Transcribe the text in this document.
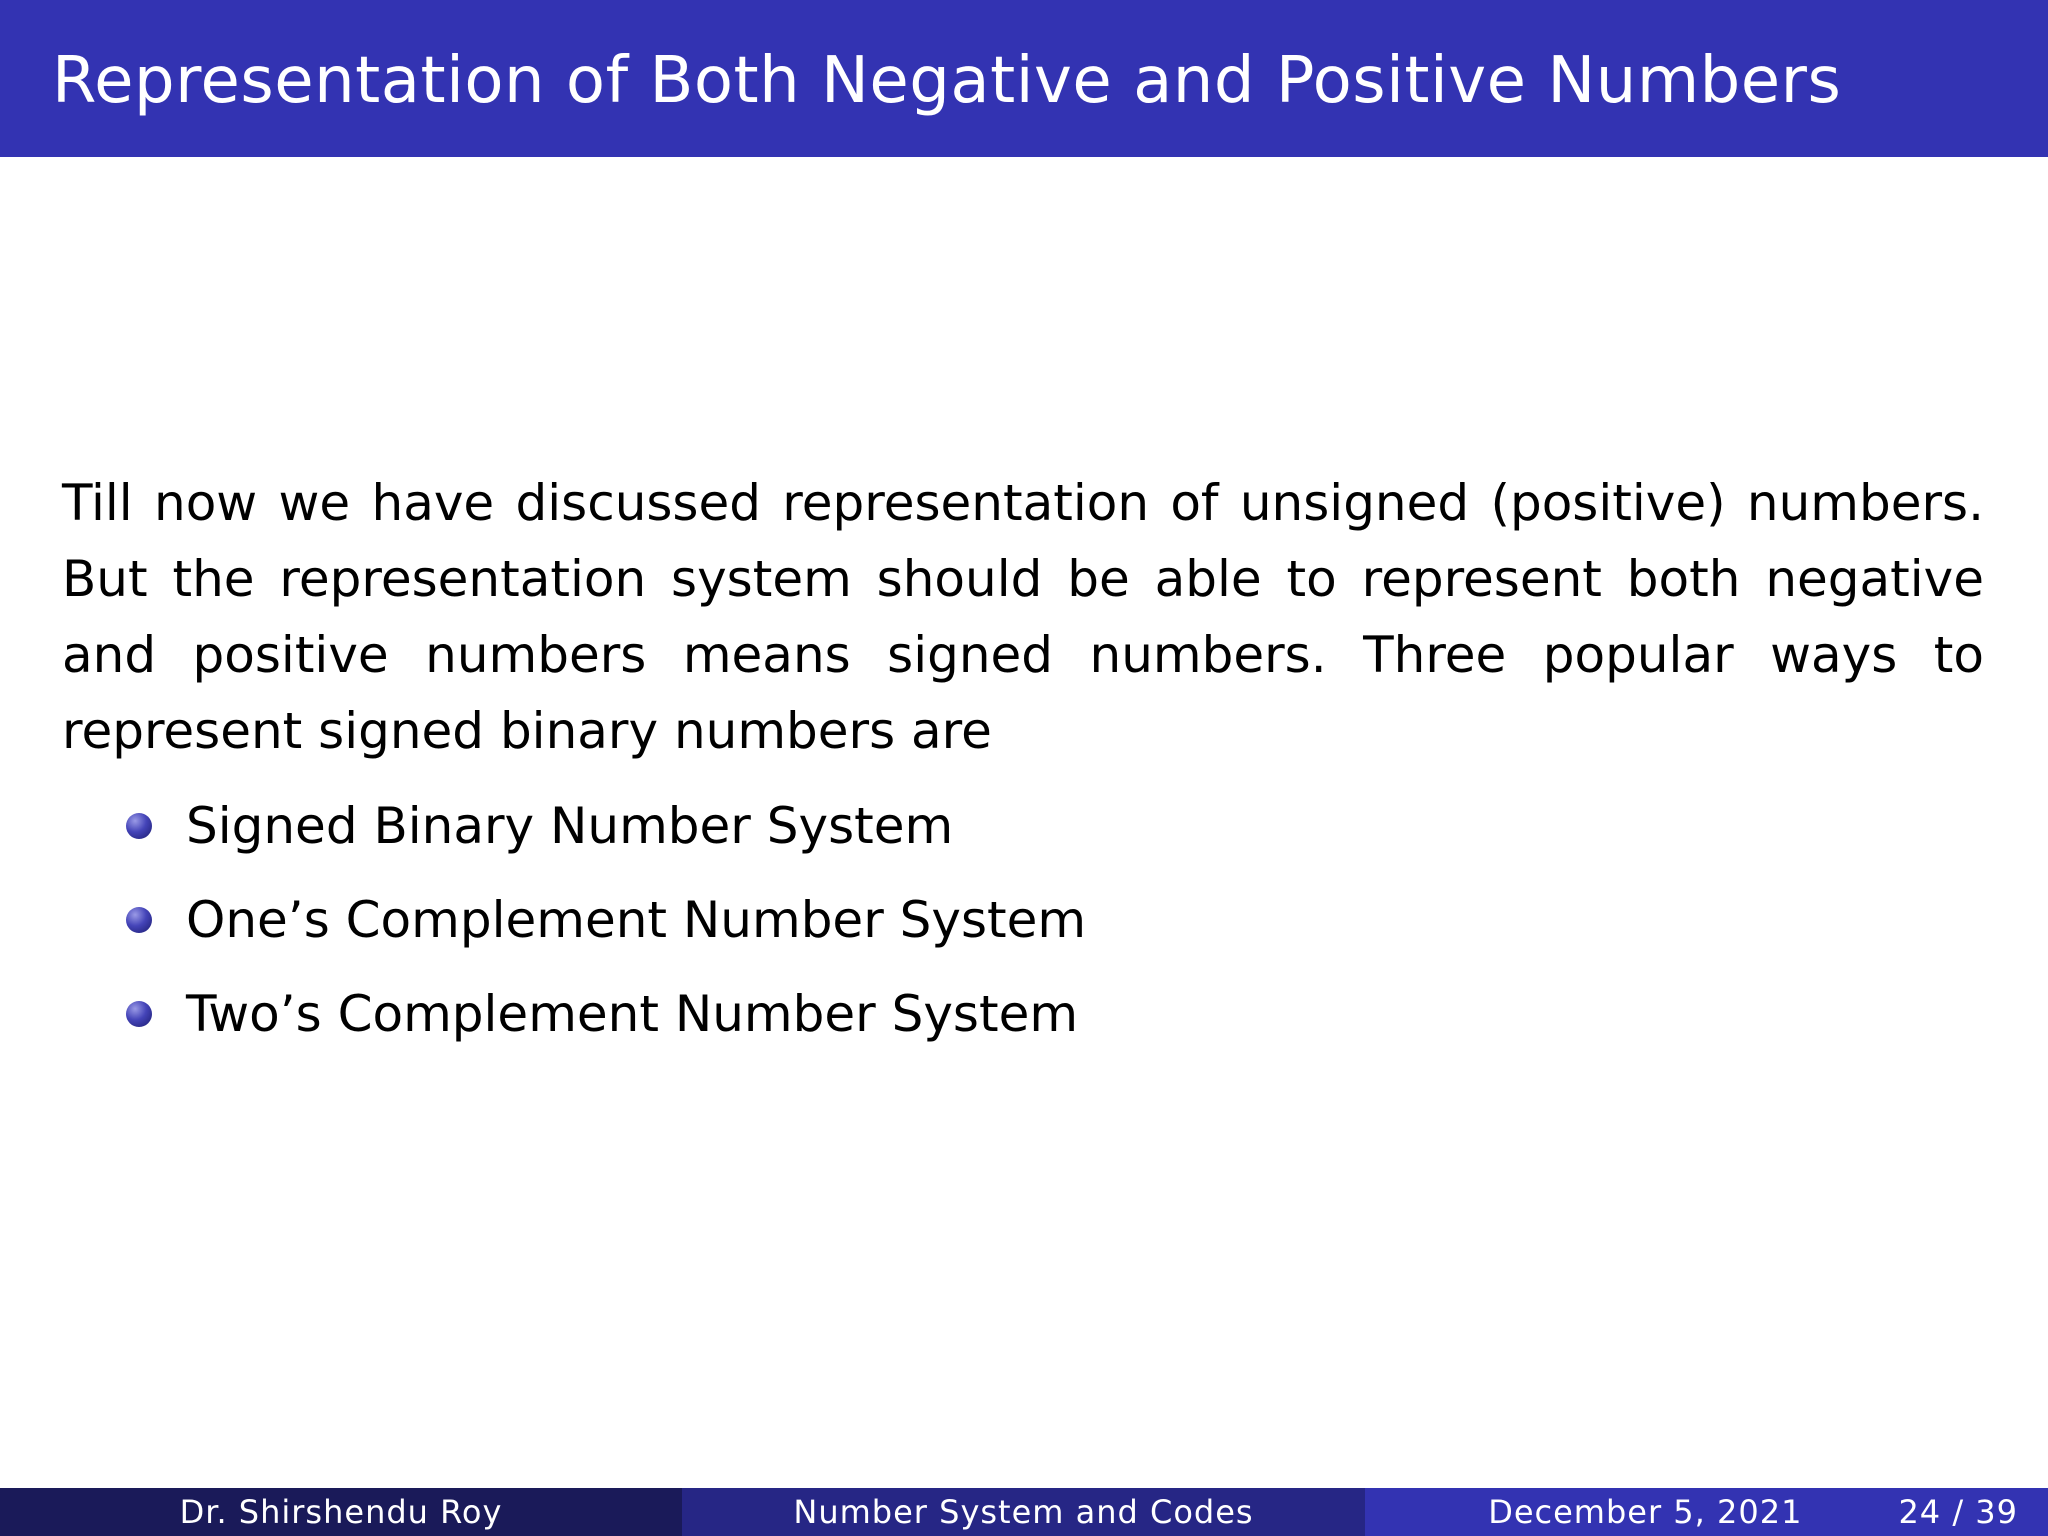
Representation of Both Negative and Positive Numbers

Till now we have discussed representation of unsigned (positive) numbers. But the representation system should be able to represent both negative and positive numbers means signed numbers. Three popular ways to represent signed binary numbers are

Signed Binary Number System
One’s Complement Number System
Two’s Complement Number System
Dr. Shirshendu Roy	Number System and Codes	December 5, 2021	24 / 39
